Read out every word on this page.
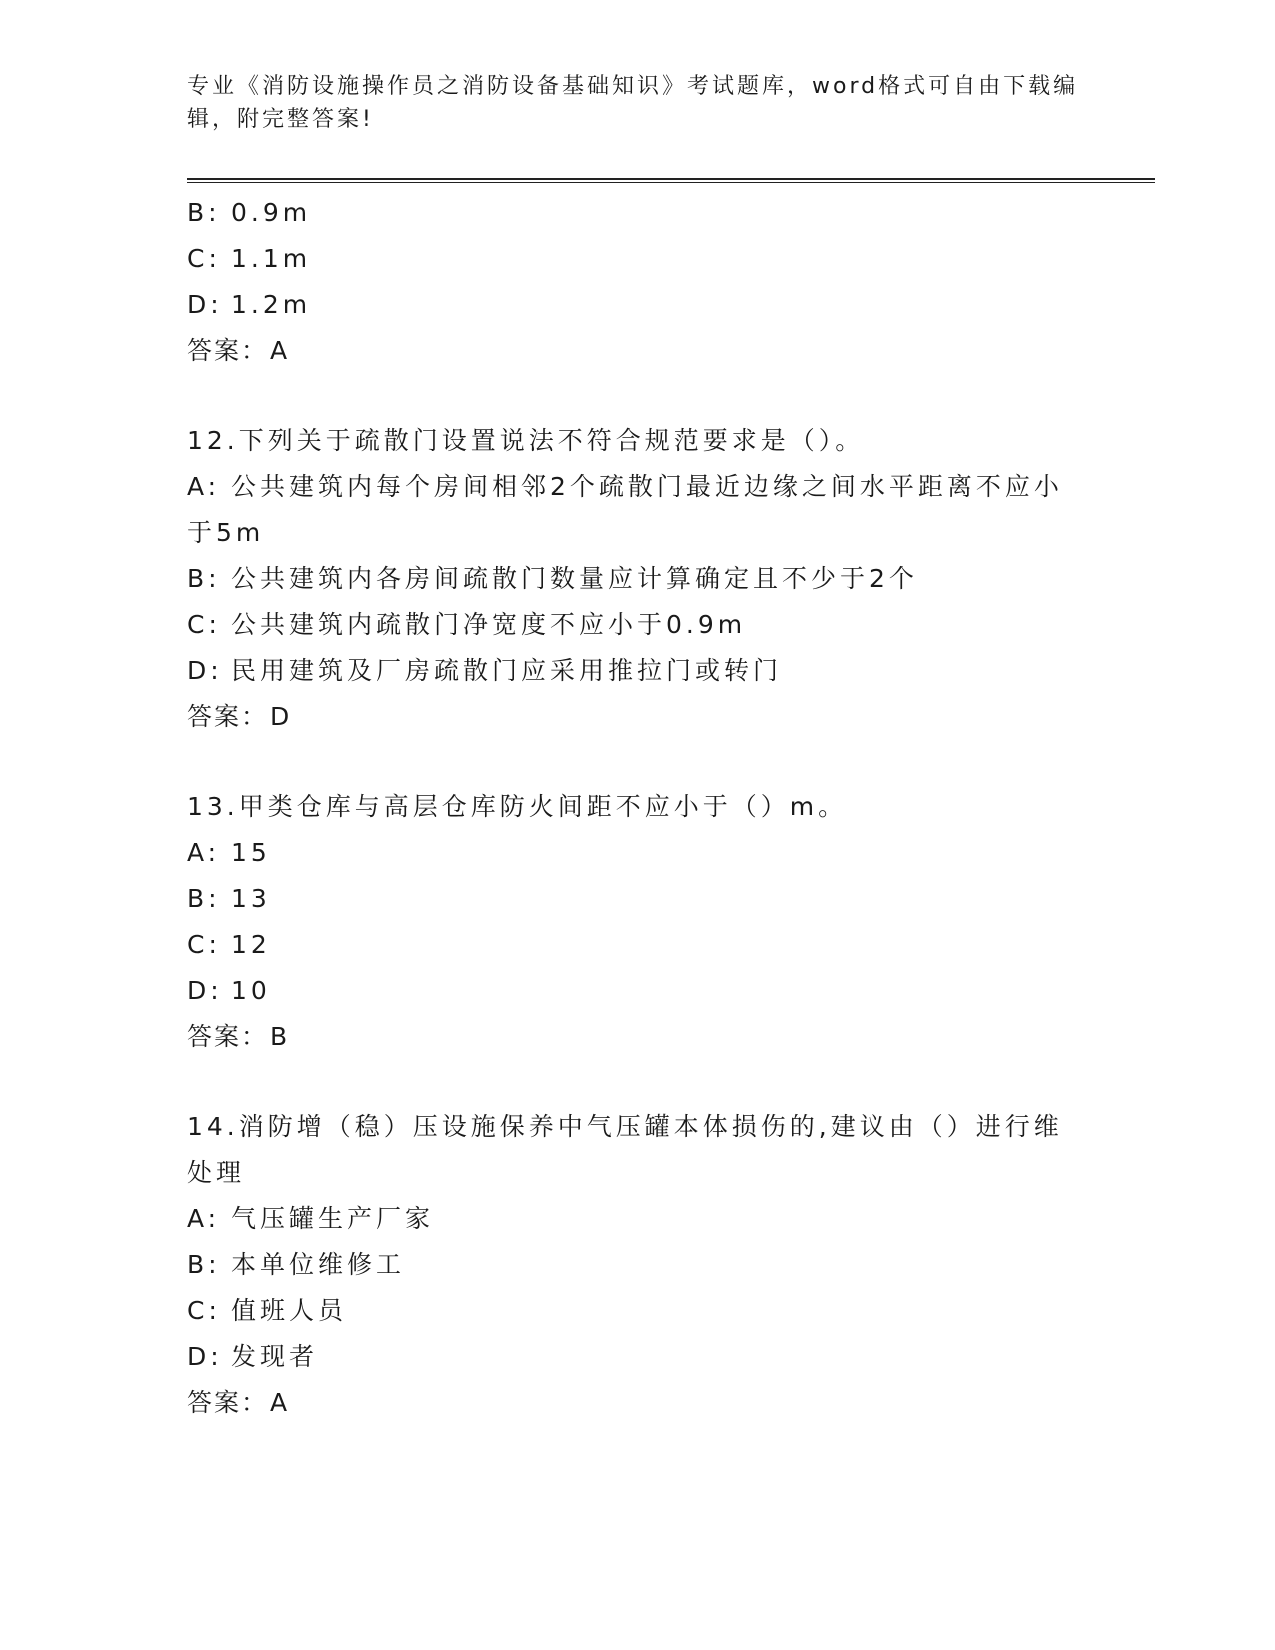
专业《消防设施操作员之消防设备基础知识》考试题库，word格式可自由下载编
辑，附完整答案!
B: 0.9m
C: 1.1m
D: 1.2m
答案：A
12.下列关于疏散门设置说法不符合规范要求是（）。
A: 公共建筑内每个房间相邻2个疏散门最近边缘之间水平距离不应小
于5m
B: 公共建筑内各房间疏散门数量应计算确定且不少于2个
C: 公共建筑内疏散门净宽度不应小于0.9m
D: 民用建筑及厂房疏散门应采用推拉门或转门
答案：D
13.甲类仓库与高层仓库防火间距不应小于（）m。
A: 15
B: 13
C: 12
D: 10
答案：B
14.消防增（稳）压设施保养中气压罐本体损伤的,建议由（）进行维
处理
A: 气压罐生产厂家
B: 本单位维修工
C: 值班人员
D: 发现者
答案：A
